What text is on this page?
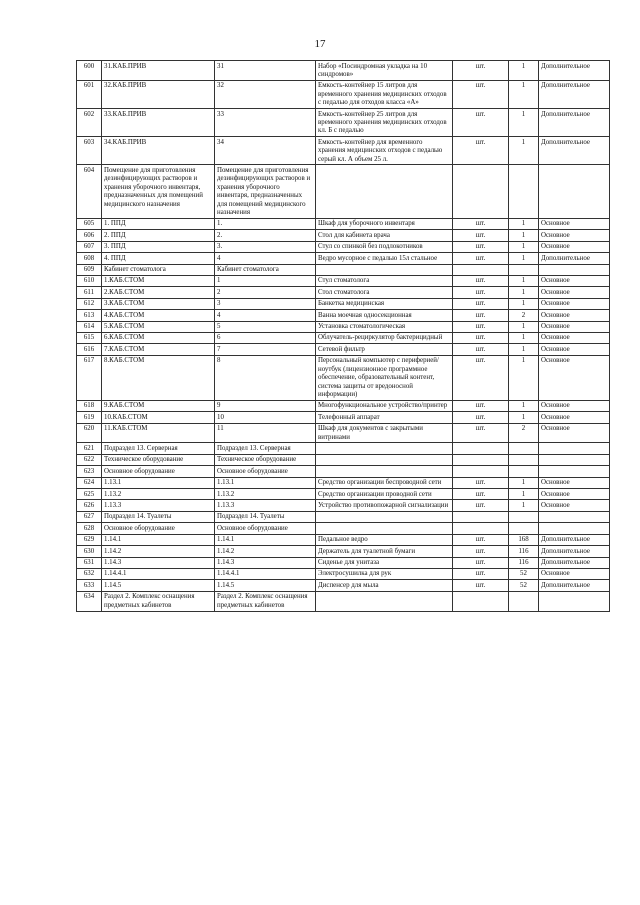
17
600	31.КАБ.ПРИВ	31	Набор «Посиндромная укладка на 10 синдромов»	шт.	1	Дополнительное
601	32.КАБ.ПРИВ	32	Емкость-контейнер 15 литров для временного хранения медицинских отходов с педалью для отходов класса «А»	шт.	1	Дополнительное
602	33.КАБ.ПРИВ	33	Емкость-контейнер 25 литров для временного хранения медицинских отходов кл. Б с педалью	шт.	1	Дополнительное
603	34.КАБ.ПРИВ	34	Емкость-контейнер для временного хранения медицинских отходов с педалью серый кл. А объем 25 л.	шт.	1	Дополнительное
604	Помещение для приготовления дезинфицирующих растворов и хранения уборочного инвентаря, предназначенных для помещений медицинского назначения	Помещение для приготовления дезинфицирующих растворов и хранения уборочного инвентаря, предназначенных для помещений медицинского назначения				
605	1. ППД	1.	Шкаф для уборочного инвентаря	шт.	1	Основное
606	2. ППД	2.	Стол для кабинета врача	шт.	1	Основное
607	3. ППД	3.	Стул со спинкой без подлокотников	шт.	1	Основное
608	4. ППД	4	Ведро мусорное с педалью 15л стальное	шт.	1	Дополнительное
609	Кабинет стоматолога	Кабинет стоматолога				
610	1.КАБ.СТОМ	1	Стул стоматолога	шт.	1	Основное
611	2.КАБ.СТОМ	2	Стол стоматолога	шт.	1	Основное
612	3.КАБ.СТОМ	3	Банкетка медицинская	шт.	1	Основное
613	4.КАБ.СТОМ	4	Ванна моечная односекционная	шт.	2	Основное
614	5.КАБ.СТОМ	5	Установка стоматологическая	шт.	1	Основное
615	6.КАБ.СТОМ	6	Облучатель-рециркулятор бактерицидный	шт.	1	Основное
616	7.КАБ.СТОМ	7	Сетевой фильтр	шт.	1	Основное
617	8.КАБ.СТОМ	8	Персональный компьютер с периферией/ноутбук (лицензионное программное обеспечение, образовательный контент, система защиты от вредоносной информации)	шт.	1	Основное
618	9.КАБ.СТОМ	9	Многофункциональное устройство/принтер	шт.	1	Основное
619	10.КАБ.СТОМ	10	Телефонный аппарат	шт.	1	Основное
620	11.КАБ.СТОМ	11	Шкаф для документов с закрытыми витринами	шт.	2	Основное
621	Подраздел 13. Серверная	Подраздел 13. Серверная				
622	Техническое оборудование	Техническое оборудование				
623	Основное оборудование	Основное оборудование				
624	1.13.1	1.13.1	Средство организации беспроводной сети	шт.	1	Основное
625	1.13.2	1.13.2	Средство организации проводной сети	шт.	1	Основное
626	1.13.3	1.13.3	Устройство противопожарной сигнализации	шт.	1	Основное
627	Подраздел 14. Туалеты	Подраздел 14. Туалеты				
628	Основное оборудование	Основное оборудование				
629	1.14.1	1.14.1	Педальное ведро	шт.	168	Дополнительное
630	1.14.2	1.14.2	Держатель для туалетной бумаги	шт.	116	Дополнительное
631	1.14.3	1.14.3	Сиденье для унитаза	шт.	116	Дополнительное
632	1.14.4.1	1.14.4.1	Электросушилка для рук	шт.	52	Основное
633	1.14.5	1.14.5	Диспенсер для мыла	шт.	52	Дополнительное
634	Раздел 2. Комплекс оснащения предметных кабинетов	Раздел 2. Комплекс оснащения предметных кабинетов				
